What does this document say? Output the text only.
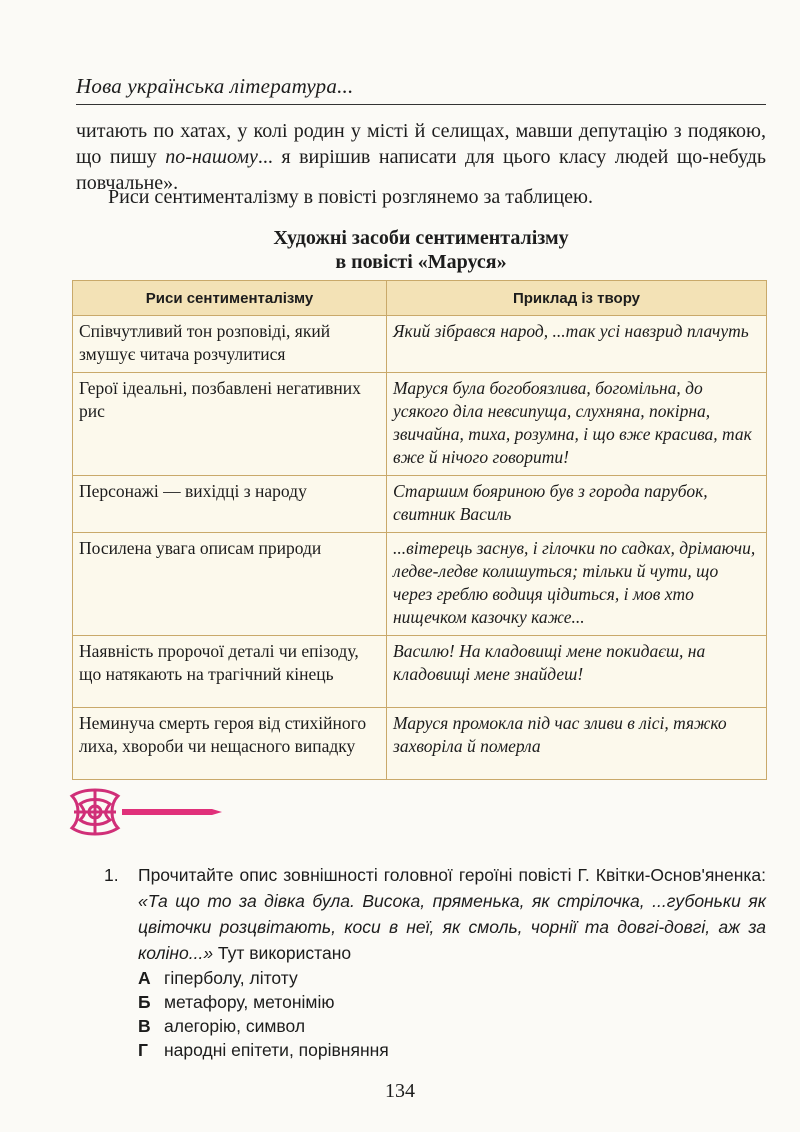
Нова українська література...
читають по хатах, у колі родин у місті й селищах, мавши депутацію з подякою, що пишу по-нашому... я вирішив написати для цього класу людей що-небудь повчальне».
Риси сентименталізму в повісті розглянемо за таблицею.
Художні засоби сентименталізму
в повісті «Маруся»
Риси сентименталізму	Приклад із твору
Співчутливий тон розповіді, який змушує читача розчулитися	Який зібрався народ, ...так усі навзрид плачуть
Герої ідеальні, позбавлені негативних рис	Маруся була богобоязлива, богомільна, до усякого діла невсипуща, слухняна, покірна, звичайна, тиха, розумна, і що вже красива, так вже й нічого говорити!
Персонажі — вихідці з народу	Старшим бояриною був з города парубок, свитник Василь
Посилена увага описам природи	...вітерець заснув, і гілочки по садках, дрімаючи, ледве-ледве колишуться; тільки й чути, що через греблю водиця цідиться, і мов хто нищечком казочку каже...
Наявність пророчої деталі чи епізоду, що натякають на трагічний кінець	Василю! На кладовищі мене покидаєш, на кладовищі мене знайдеш!
Неминуча смерть героя від стихійного лиха, хвороби чи нещасного випадку	Маруся промокла під час зливи в лісі, тяжко захворіла й померла
1.	Прочитайте опис зовнішності головної героїні повісті Г. Квітки-Основ'яненка: «Та що то за дівка була. Висока, пряменька, як стрілочка, ...губоньки як цвіточки розцвітають, коси в неї, як смоль, чорнії та довгі-довгі, аж за коліно...» Тут використано
А гіперболу, літоту
Б метафору, метонімію
В алегорію, символ
Г народні епітети, порівняння
134
